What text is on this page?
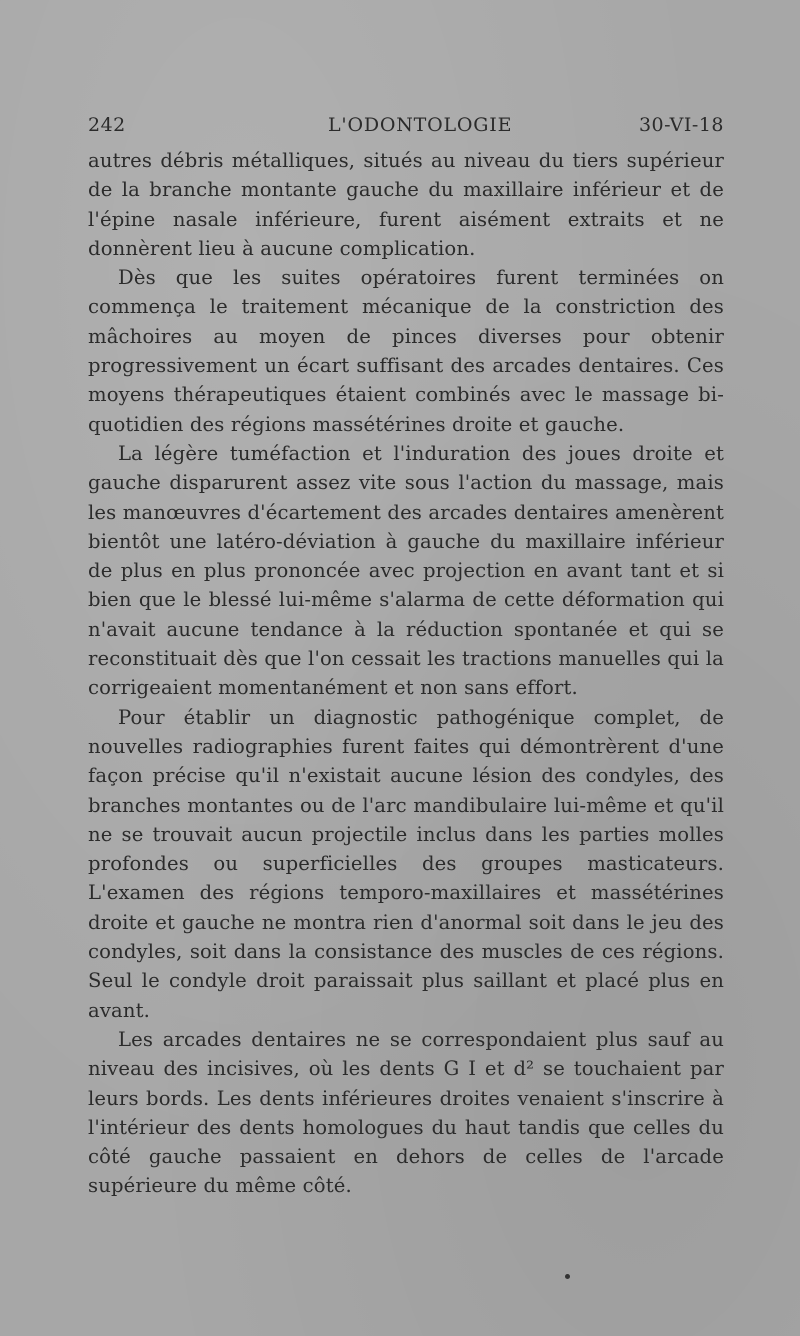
242	L'ODONTOLOGIE	30-VI-18

autres débris métalliques, situés au niveau du tiers supérieur de la branche montante gauche du maxillaire inférieur et de l'épine nasale inférieure, furent aisément extraits et ne donnèrent lieu à aucune complication.

Dès que les suites opératoires furent terminées on commença le traitement mécanique de la constriction des mâchoires au moyen de pinces diverses pour obtenir progressivement un écart suffisant des arcades dentaires. Ces moyens thérapeutiques étaient combinés avec le massage bi-quotidien des régions massétérines droite et gauche.

La légère tuméfaction et l'induration des joues droite et gauche disparurent assez vite sous l'action du massage, mais les manœuvres d'écartement des arcades dentaires amenèrent bientôt une latéro-déviation à gauche du maxillaire inférieur de plus en plus prononcée avec projection en avant tant et si bien que le blessé lui-même s'alarma de cette déformation qui n'avait aucune tendance à la réduction spontanée et qui se reconstituait dès que l'on cessait les tractions manuelles qui la corrigeaient momentanément et non sans effort.

Pour établir un diagnostic pathogénique complet, de nouvelles radiographies furent faites qui démontrèrent d'une façon précise qu'il n'existait aucune lésion des condyles, des branches montantes ou de l'arc mandibulaire lui-même et qu'il ne se trouvait aucun projectile inclus dans les parties molles profondes ou superficielles des groupes masticateurs. L'examen des régions temporo-maxillaires et massétérines droite et gauche ne montra rien d'anormal soit dans le jeu des condyles, soit dans la consistance des muscles de ces régions. Seul le condyle droit paraissait plus saillant et placé plus en avant.

Les arcades dentaires ne se correspondaient plus sauf au niveau des incisives, où les dents G I et d² se touchaient par leurs bords. Les dents inférieures droites venaient s'inscrire à l'intérieur des dents homologues du haut tandis que celles du côté gauche passaient en dehors de celles de l'arcade supérieure du même côté.
